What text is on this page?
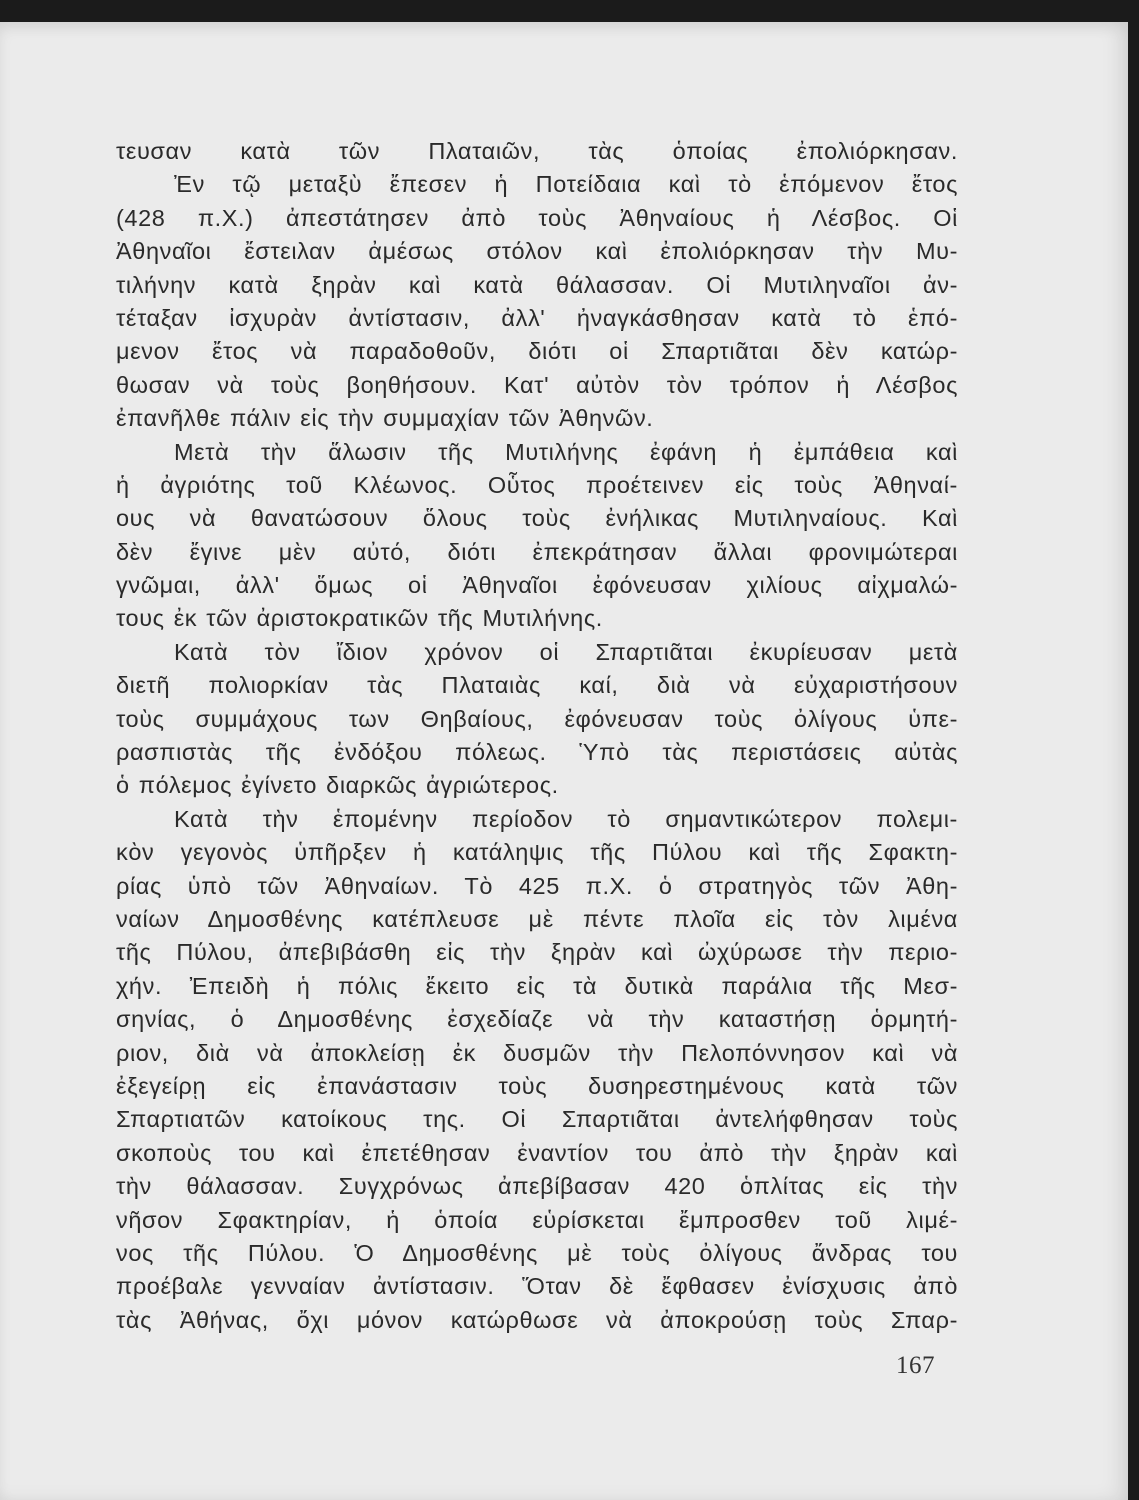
τευσαν κατὰ τῶν Πλαταιῶν, τὰς ὁποίας ἐπολιόρκησαν.
Ἐν τῷ μεταξὺ ἔπεσεν ἡ Ποτείδαια καὶ τὸ ἑπόμενον ἔτος
(428 π.Χ.) ἀπεστάτησεν ἀπὸ τοὺς Ἀθηναίους ἡ Λέσβος. Οἱ
Ἀθηναῖοι ἔστειλαν ἀμέσως στόλον καὶ ἐπολιόρκησαν τὴν Μυ-
τιλήνην κατὰ ξηρὰν καὶ κατὰ θάλασσαν. Οἱ Μυτιληναῖοι ἀν-
τέταξαν ἰσχυρὰν ἀντίστασιν, ἀλλ' ἠναγκάσθησαν κατὰ τὸ ἑπό-
μενον ἔτος νὰ παραδοθοῦν, διότι οἱ Σπαρτιᾶται δὲν κατώρ-
θωσαν νὰ τοὺς βοηθήσουν. Κατ' αὐτὸν τὸν τρόπον ἡ Λέσβος
ἐπανῆλθε πάλιν εἰς τὴν συμμαχίαν τῶν Ἀθηνῶν.
Μετὰ τὴν ἅλωσιν τῆς Μυτιλήνης ἐφάνη ἡ ἐμπάθεια καὶ
ἡ ἀγριότης τοῦ Κλέωνος. Οὗτος προέτεινεν εἰς τοὺς Ἀθηναί-
ους νὰ θανατώσουν ὅλους τοὺς ἐνήλικας Μυτιληναίους. Καὶ
δὲν ἔγινε μὲν αὐτό, διότι ἐπεκράτησαν ἄλλαι φρονιμώτεραι
γνῶμαι, ἀλλ' ὅμως οἱ Ἀθηναῖοι ἐφόνευσαν χιλίους αἰχμαλώ-
τους ἐκ τῶν ἀριστοκρατικῶν τῆς Μυτιλήνης.
Κατὰ τὸν ἴδιον χρόνον οἱ Σπαρτιᾶται ἐκυρίευσαν μετὰ
διετῆ πολιορκίαν τὰς Πλαταιὰς καί, διὰ νὰ εὐχαριστήσουν
τοὺς συμμάχους των Θηβαίους, ἐφόνευσαν τοὺς ὀλίγους ὑπε-
ρασπιστὰς τῆς ἐνδόξου πόλεως. Ὑπὸ τὰς περιστάσεις αὐτὰς
ὁ πόλεμος ἐγίνετο διαρκῶς ἀγριώτερος.
Κατὰ τὴν ἑπομένην περίοδον τὸ σημαντικώτερον πολεμι-
κὸν γεγονὸς ὑπῆρξεν ἡ κατάληψις τῆς Πύλου καὶ τῆς Σφακτη-
ρίας ὑπὸ τῶν Ἀθηναίων. Τὸ 425 π.Χ. ὁ στρατηγὸς τῶν Ἀθη-
ναίων Δημοσθένης κατέπλευσε μὲ πέντε πλοῖα εἰς τὸν λιμένα
τῆς Πύλου, ἀπεβιβάσθη εἰς τὴν ξηρὰν καὶ ὠχύρωσε τὴν περιο-
χήν. Ἐπειδὴ ἡ πόλις ἔκειτο εἰς τὰ δυτικὰ παράλια τῆς Μεσ-
σηνίας, ὁ Δημοσθένης ἐσχεδίαζε νὰ τὴν καταστήσῃ ὁρμητή-
ριον, διὰ νὰ ἀποκλείσῃ ἐκ δυσμῶν τὴν Πελοπόννησον καὶ νὰ
ἐξεγείρῃ εἰς ἐπανάστασιν τοὺς δυσηρεστημένους κατὰ τῶν
Σπαρτιατῶν κατοίκους της. Οἱ Σπαρτιᾶται ἀντελήφθησαν τοὺς
σκοποὺς του καὶ ἐπετέθησαν ἐναντίον του ἀπὸ τὴν ξηρὰν καὶ
τὴν θάλασσαν. Συγχρόνως ἀπεβίβασαν 420 ὁπλίτας εἰς τὴν
νῆσον Σφακτηρίαν, ἡ ὁποία εὑρίσκεται ἔμπροσθεν τοῦ λιμέ-
νος τῆς Πύλου. Ὁ Δημοσθένης μὲ τοὺς ὀλίγους ἄνδρας του
προέβαλε γενναίαν ἀντίστασιν. Ὅταν δὲ ἔφθασεν ἐνίσχυσις ἀπὸ
τὰς Ἀθήνας, ὄχι μόνον κατώρθωσε νὰ ἀποκρούσῃ τοὺς Σπαρ-
167
